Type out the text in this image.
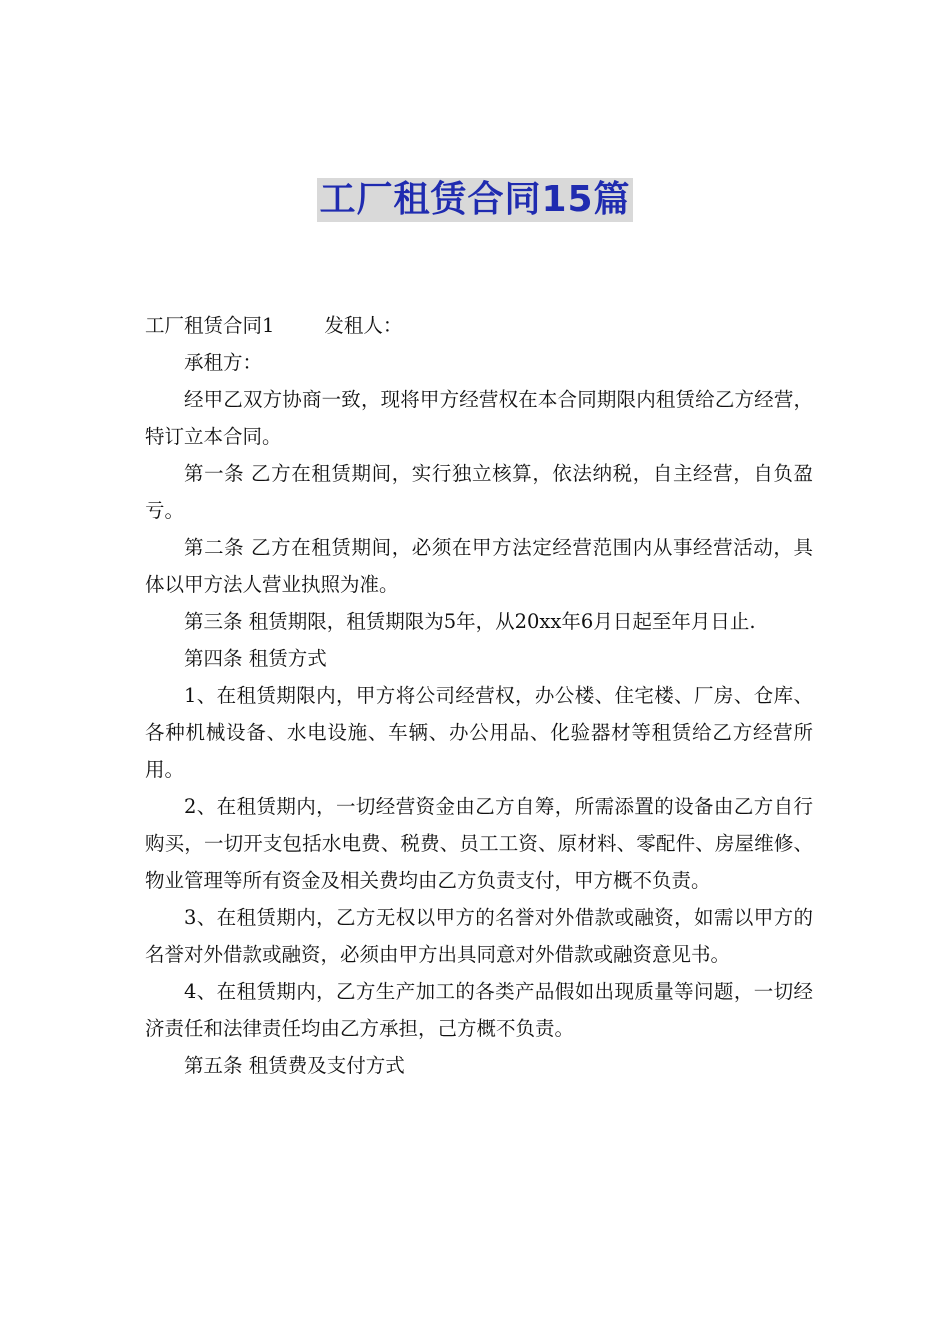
工厂租赁合同15篇

工厂租赁合同1	发租人：

承租方：

经甲乙双方协商一致，现将甲方经营权在本合同期限内租赁给乙方经营，特订立本合同。

第一条 乙方在租赁期间，实行独立核算，依法纳税，自主经营，自负盈亏。

第二条 乙方在租赁期间，必须在甲方法定经营范围内从事经营活动，具体以甲方法人营业执照为准。

第三条 租赁期限，租赁期限为5年，从20xx年6月日起至年月日止.

第四条 租赁方式

1、在租赁期限内，甲方将公司经营权，办公楼、住宅楼、厂房、仓库、各种机械设备、水电设施、车辆、办公用品、化验器材等租赁给乙方经营所用。

2、在租赁期内，一切经营资金由乙方自筹，所需添置的设备由乙方自行购买，一切开支包括水电费、税费、员工工资、原材料、零配件、房屋维修、物业管理等所有资金及相关费均由乙方负责支付，甲方概不负责。

3、在租赁期内，乙方无权以甲方的名誉对外借款或融资，如需以甲方的名誉对外借款或融资，必须由甲方出具同意对外借款或融资意见书。

4、在租赁期内，乙方生产加工的各类产品假如出现质量等问题，一切经济责任和法律责任均由乙方承担，己方概不负责。

第五条 租赁费及支付方式
